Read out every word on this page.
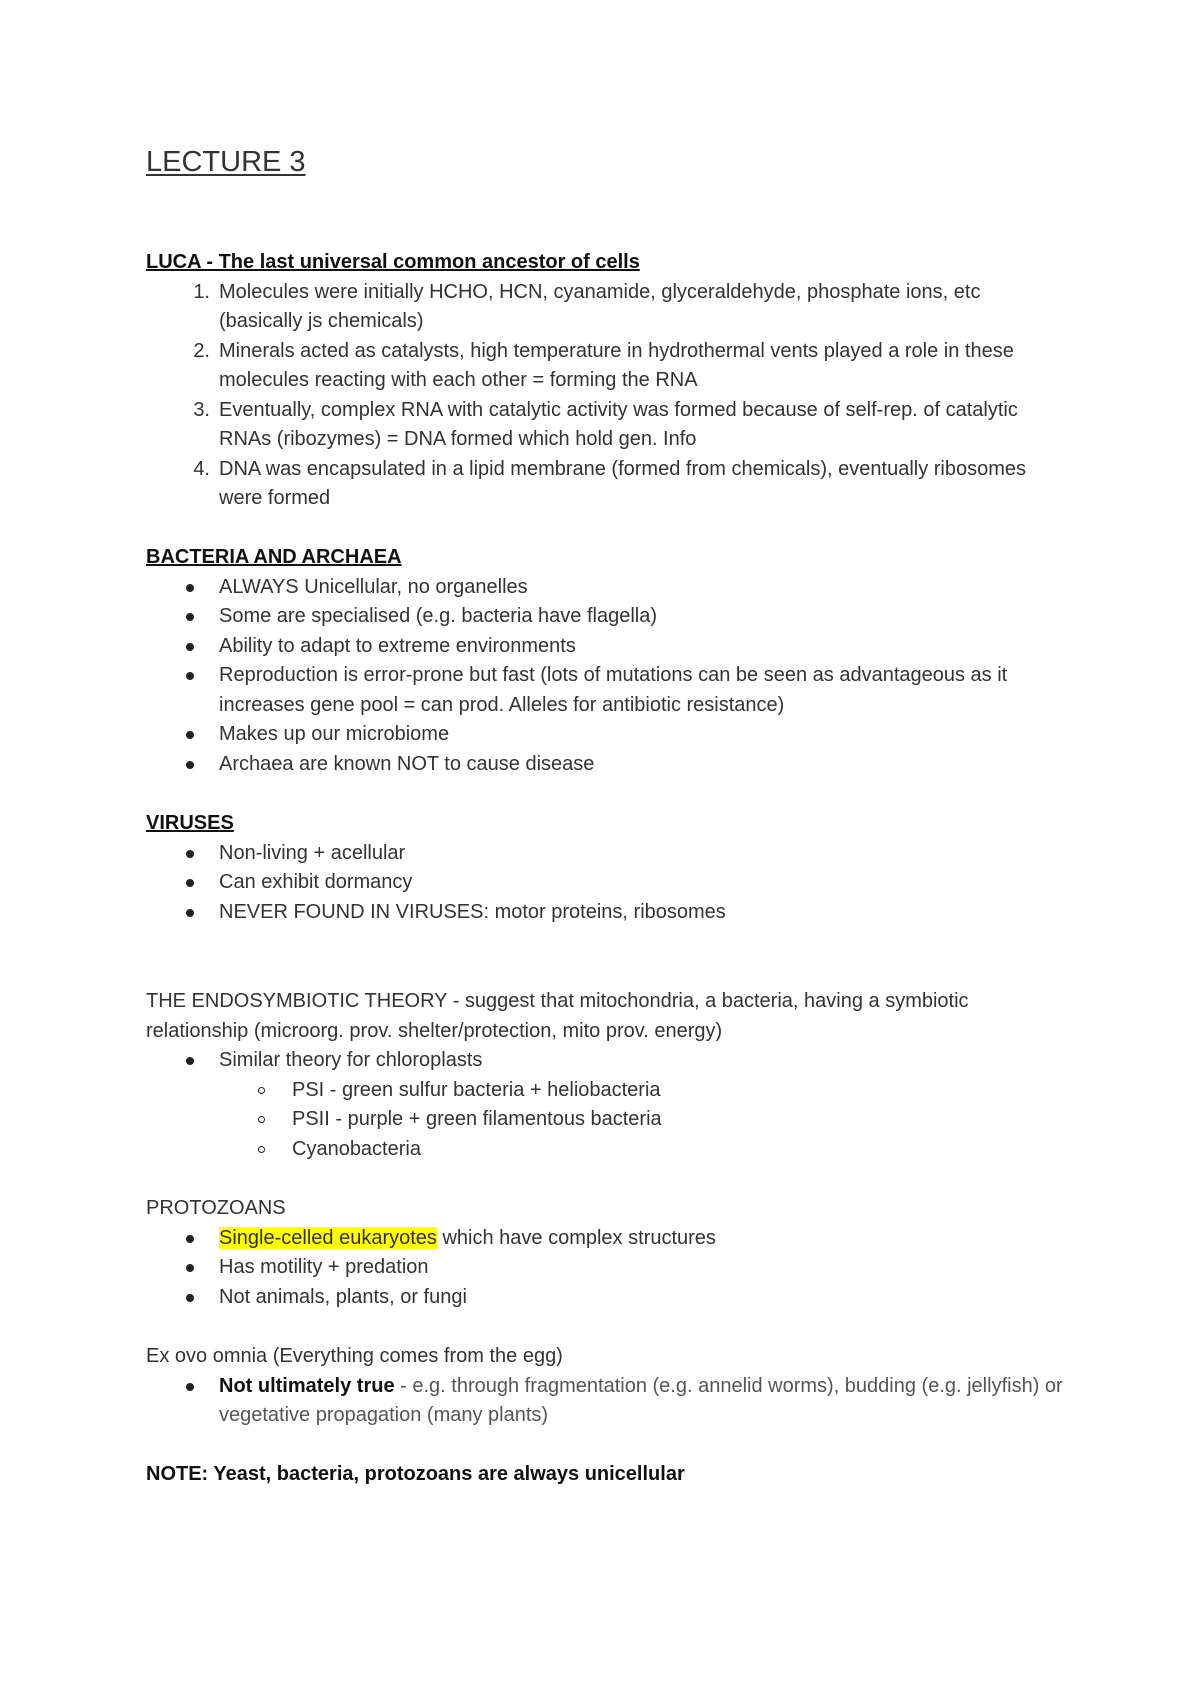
LECTURE 3
LUCA - The last universal common ancestor of cells
1. Molecules were initially HCHO, HCN, cyanamide, glyceraldehyde, phosphate ions, etc (basically js chemicals)
2. Minerals acted as catalysts, high temperature in hydrothermal vents played a role in these molecules reacting with each other = forming the RNA
3. Eventually, complex RNA with catalytic activity was formed because of self-rep. of catalytic RNAs (ribozymes) = DNA formed which hold gen. Info
4. DNA was encapsulated in a lipid membrane (formed from chemicals), eventually ribosomes were formed
BACTERIA AND ARCHAEA
ALWAYS Unicellular, no organelles
Some are specialised (e.g. bacteria have flagella)
Ability to adapt to extreme environments
Reproduction is error-prone but fast (lots of mutations can be seen as advantageous as it increases gene pool = can prod. Alleles for antibiotic resistance)
Makes up our microbiome
Archaea are known NOT to cause disease
VIRUSES
Non-living + acellular
Can exhibit dormancy
NEVER FOUND IN VIRUSES: motor proteins, ribosomes
THE ENDOSYMBIOTIC THEORY - suggest that mitochondria, a bacteria, having a symbiotic relationship (microorg. prov. shelter/protection, mito prov. energy)
Similar theory for chloroplasts
PSI - green sulfur bacteria + heliobacteria
PSII - purple + green filamentous bacteria
Cyanobacteria
PROTOZOANS
Single-celled eukaryotes which have complex structures
Has motility + predation
Not animals, plants, or fungi
Ex ovo omnia (Everything comes from the egg)
Not ultimately true - e.g. through fragmentation (e.g. annelid worms), budding (e.g. jellyfish) or vegetative propagation (many plants)
NOTE: Yeast, bacteria, protozoans are always unicellular
